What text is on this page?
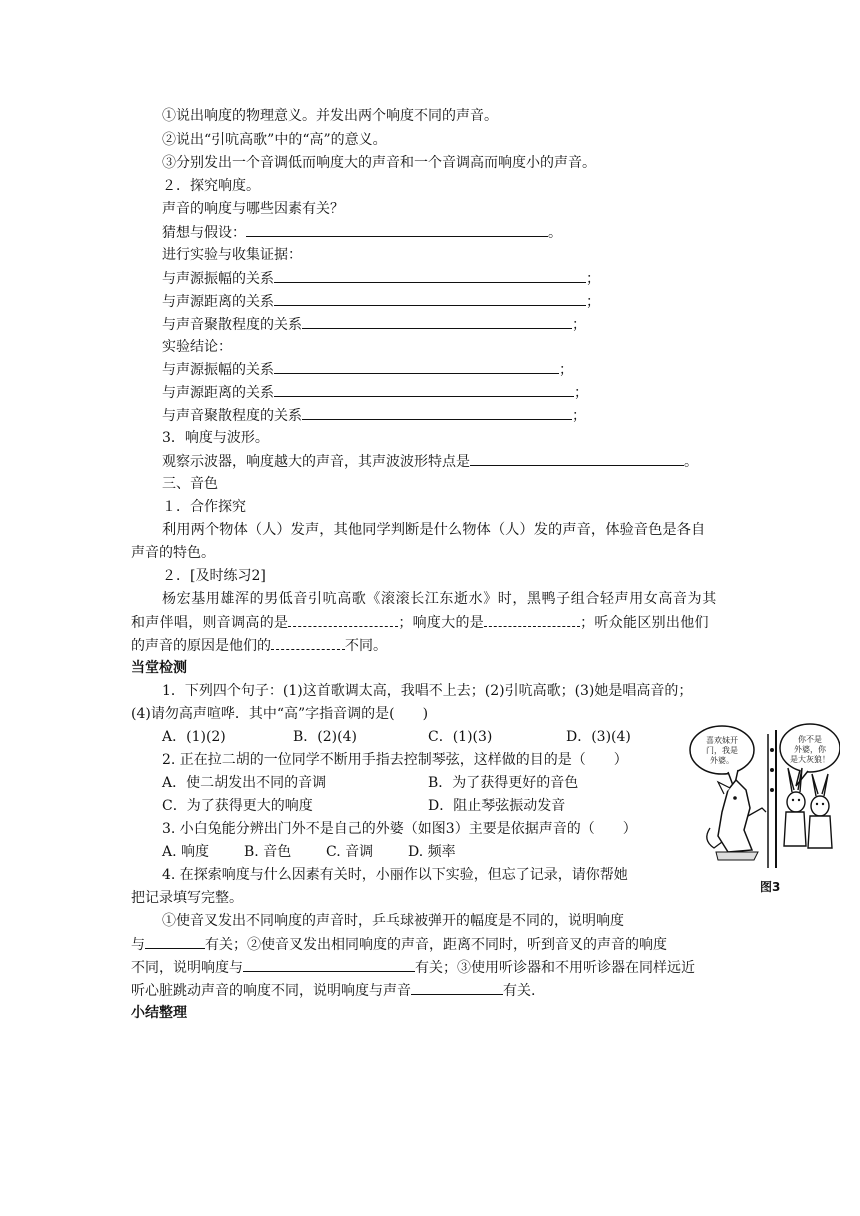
①说出响度的物理意义。并发出两个响度不同的声音。
②说出“引吭高歌”中的“高”的意义。
③分别发出一个音调低而响度大的声音和一个音调高而响度小的声音。
２．探究响度。
声音的响度与哪些因素有关？
猜想与假设：	。
进行实验与收集证据：
与声源振幅的关系	；
与声源距离的关系	；
与声音聚散程度的关系	；
实验结论：
与声源振幅的关系	；
与声源距离的关系	；
与声音聚散程度的关系	；
3．响度与波形。
观察示波器，响度越大的声音，其声波波形特点是	。
三、音色
１．合作探究
利用两个物体（人）发声，其他同学判断是什么物体（人）发的声音，体验音色是各自
声音的特色。
２．[及时练习2]
杨宏基用雄浑的男低音引吭高歌《滚滚长江东逝水》时，黑鸭子组合轻声用女高音为其
和声伴唱，则音调高的是	；响度大的是	；听众能区别出他们
的声音的原因是他们的	不同。
当堂检测
1．下列四个句子：(1)这首歌调太高，我唱不上去；(2)引吭高歌；(3)她是唱高音的；
(4)请勿高声喧哗．其中“高”字指音调的是(　　)
A．(1)(2)	B．(2)(4)	C．(1)(3)	D．(3)(4)
2. 正在拉二胡的一位同学不断用手指去控制琴弦，这样做的目的是（　　）
A．使二胡发出不同的音调	B．为了获得更好的音色
C．为了获得更大的响度	D．阻止琴弦振动发音
3. 小白兔能分辨出门外不是自己的外婆（如图3）主要是依据声音的（　　）
A. 响度 B. 音色 C. 音调 D. 频率
4. 在探索响度与什么因素有关时，小丽作以下实验，但忘了记录，请你帮她
把记录填写完整。
①使音叉发出不同响度的声音时，乒乓球被弹开的幅度是不同的，说明响度
与	有关；②使音叉发出相同响度的声音，距离不同时，听到音叉的声音的响度
不同，说明响度与	有关；③使用听诊器和不用听诊器在同样远近
听心脏跳动声音的响度不同，说明响度与声音	有关.
小结整理
喜欢妹开
门，我是
外婆。
你不是
外婆，你
是大灰狼！
图3
